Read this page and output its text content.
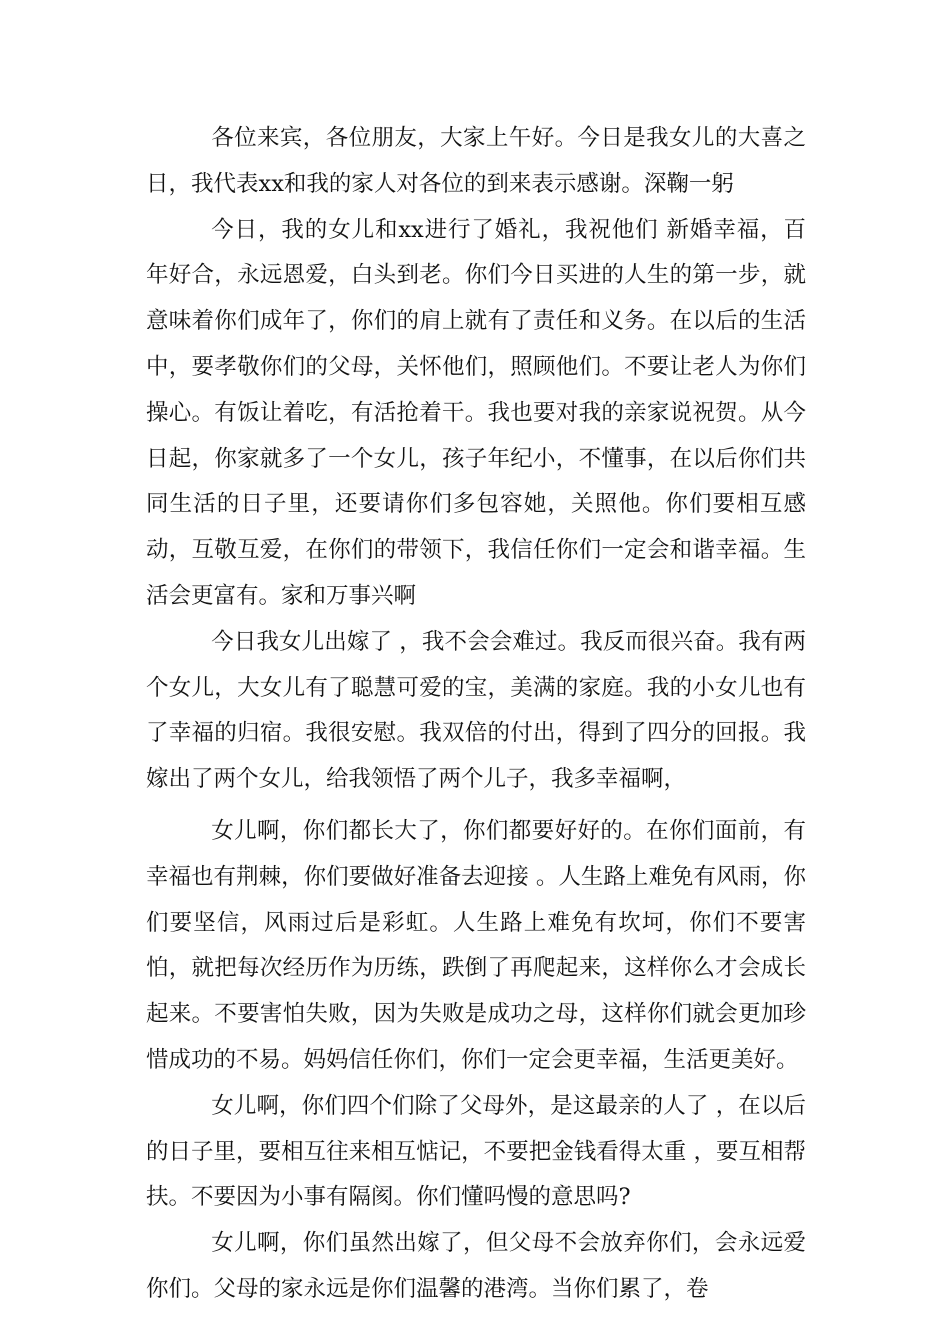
各位来宾，各位朋友，大家上午好。今日是我女儿的大喜之日，我代表xx和我的家人对各位的到来表示感谢。深鞠一躬

今日，我的女儿和xx进行了婚礼，我祝他们 新婚幸福，百年好合，永远恩爱，白头到老。你们今日买进的人生的第一步，就意味着你们成年了，你们的肩上就有了责任和义务。在以后的生活中，要孝敬你们的父母，关怀他们，照顾他们。不要让老人为你们操心。有饭让着吃，有活抢着干。我也要对我的亲家说祝贺。从今日起，你家就多了一个女儿，孩子年纪小，不懂事，在以后你们共同生活的日子里，还要请你们多包容她，关照他。你们要相互感动，互敬互爱，在你们的带领下，我信任你们一定会和谐幸福。生活会更富有。家和万事兴啊

今日我女儿出嫁了 ，我不会会难过。我反而很兴奋。我有两个女儿，大女儿有了聪慧可爱的宝，美满的家庭。我的小女儿也有了幸福的归宿。我很安慰。我双倍的付出，得到了四分的回报。我嫁出了两个女儿，给我领悟了两个儿子，我多幸福啊，

女儿啊，你们都长大了，你们都要好好的。在你们面前，有幸福也有荆棘，你们要做好准备去迎接 。人生路上难免有风雨，你们要坚信，风雨过后是彩虹。人生路上难免有坎坷，你们不要害怕，就把每次经历作为历练，跌倒了再爬起来，这样你么才会成长起来。不要害怕失败，因为失败是成功之母，这样你们就会更加珍惜成功的不易。妈妈信任你们，你们一定会更幸福，生活更美好。

女儿啊，你们四个们除了父母外，是这最亲的人了 ，在以后的日子里，要相互往来相互惦记，不要把金钱看得太重 ，要互相帮扶。不要因为小事有隔阂。你们懂吗慢的意思吗?

女儿啊，你们虽然出嫁了，但父母不会放弃你们，会永远爱你们。父母的家永远是你们温馨的港湾。当你们累了，卷
